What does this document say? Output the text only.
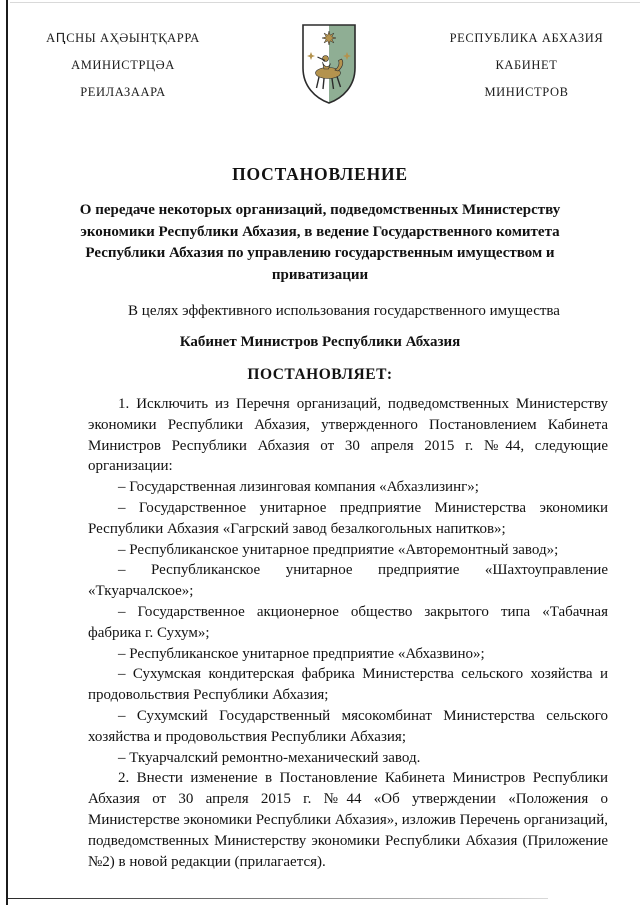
АԤСНЫ АҲӘЫНҬҚАРРА
АМИНИСТРЦӘА
РЕИЛАЗААРА
РЕСПУБЛИКА АБХАЗИЯ
КАБИНЕТ
МИНИСТРОВ
ПОСТАНОВЛЕНИЕ

О передаче некоторых организаций, подведомственных Министерству экономики Республики Абхазия, в ведение Государственного комитета Республики Абхазия по управлению государственным имуществом и приватизации

В целях эффективного использования государственного имущества

Кабинет Министров Республики Абхазия

ПОСТАНОВЛЯЕТ:

1. Исключить из Перечня организаций, подведомственных Министерству экономики Республики Абхазия, утвержденного Постановлением Кабинета Министров Республики Абхазия от 30 апреля 2015 г. №44, следующие организации:

– Государственная лизинговая компания «Абхазлизинг»;

– Государственное унитарное предприятие Министерства экономики Республики Абхазия «Гагрский завод безалкогольных напитков»;

– Республиканское унитарное предприятие «Авторемонтный завод»;

– Республиканское унитарное предприятие «Шахтоуправление «Ткуарчалское»;

– Государственное акционерное общество закрытого типа «Табачная фабрика г. Сухум»;

– Республиканское унитарное предприятие «Абхазвино»;

– Сухумская кондитерская фабрика Министерства сельского хозяйства и продовольствия Республики Абхазия;

– Сухумский Государственный мясокомбинат Министерства сельского хозяйства и продовольствия Республики Абхазия;

– Ткуарчалский ремонтно-механический завод.

2. Внести изменение в Постановление Кабинета Министров Республики Абхазия от 30 апреля 2015 г. №44 «Об утверждении «Положения о Министерстве экономики Республики Абхазия», изложив Перечень организаций, подведомственных Министерству экономики Республики Абхазия (Приложение №2) в новой редакции (прилагается).
